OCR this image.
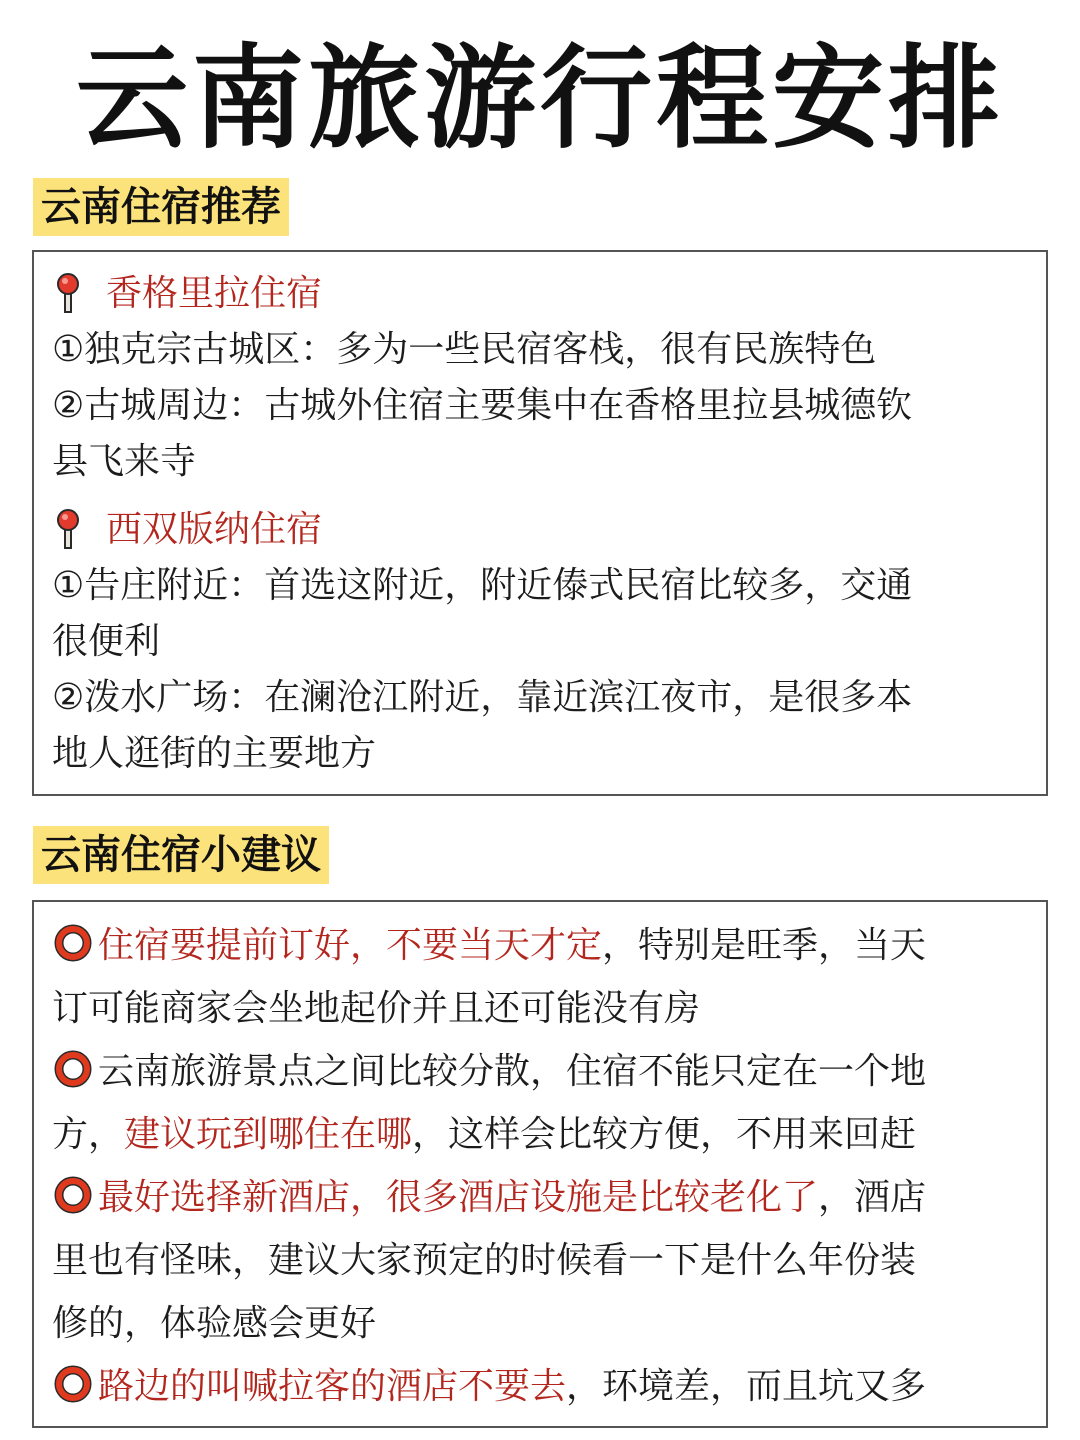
云南旅游行程安排
云南住宿推荐
香格里拉住宿

①独克宗古城区：多为一些民宿客栈，很有民族特色

②古城周边：古城外住宿主要集中在香格里拉县城德钦

县飞来寺

西双版纳住宿

①告庄附近：首选这附近，附近傣式民宿比较多，交通

很便利

②泼水广场：在澜沧江附近，靠近滨江夜市，是很多本

地人逛街的主要地方

云南住宿小建议

住宿要提前订好，不要当天才定，特别是旺季，当天

订可能商家会坐地起价并且还可能没有房

云南旅游景点之间比较分散，住宿不能只定在一个地

方，建议玩到哪住在哪，这样会比较方便，不用来回赶

最好选择新酒店，很多酒店设施是比较老化了，酒店

里也有怪味，建议大家预定的时候看一下是什么年份装

修的，体验感会更好

路边的叫喊拉客的酒店不要去，环境差，而且坑又多
